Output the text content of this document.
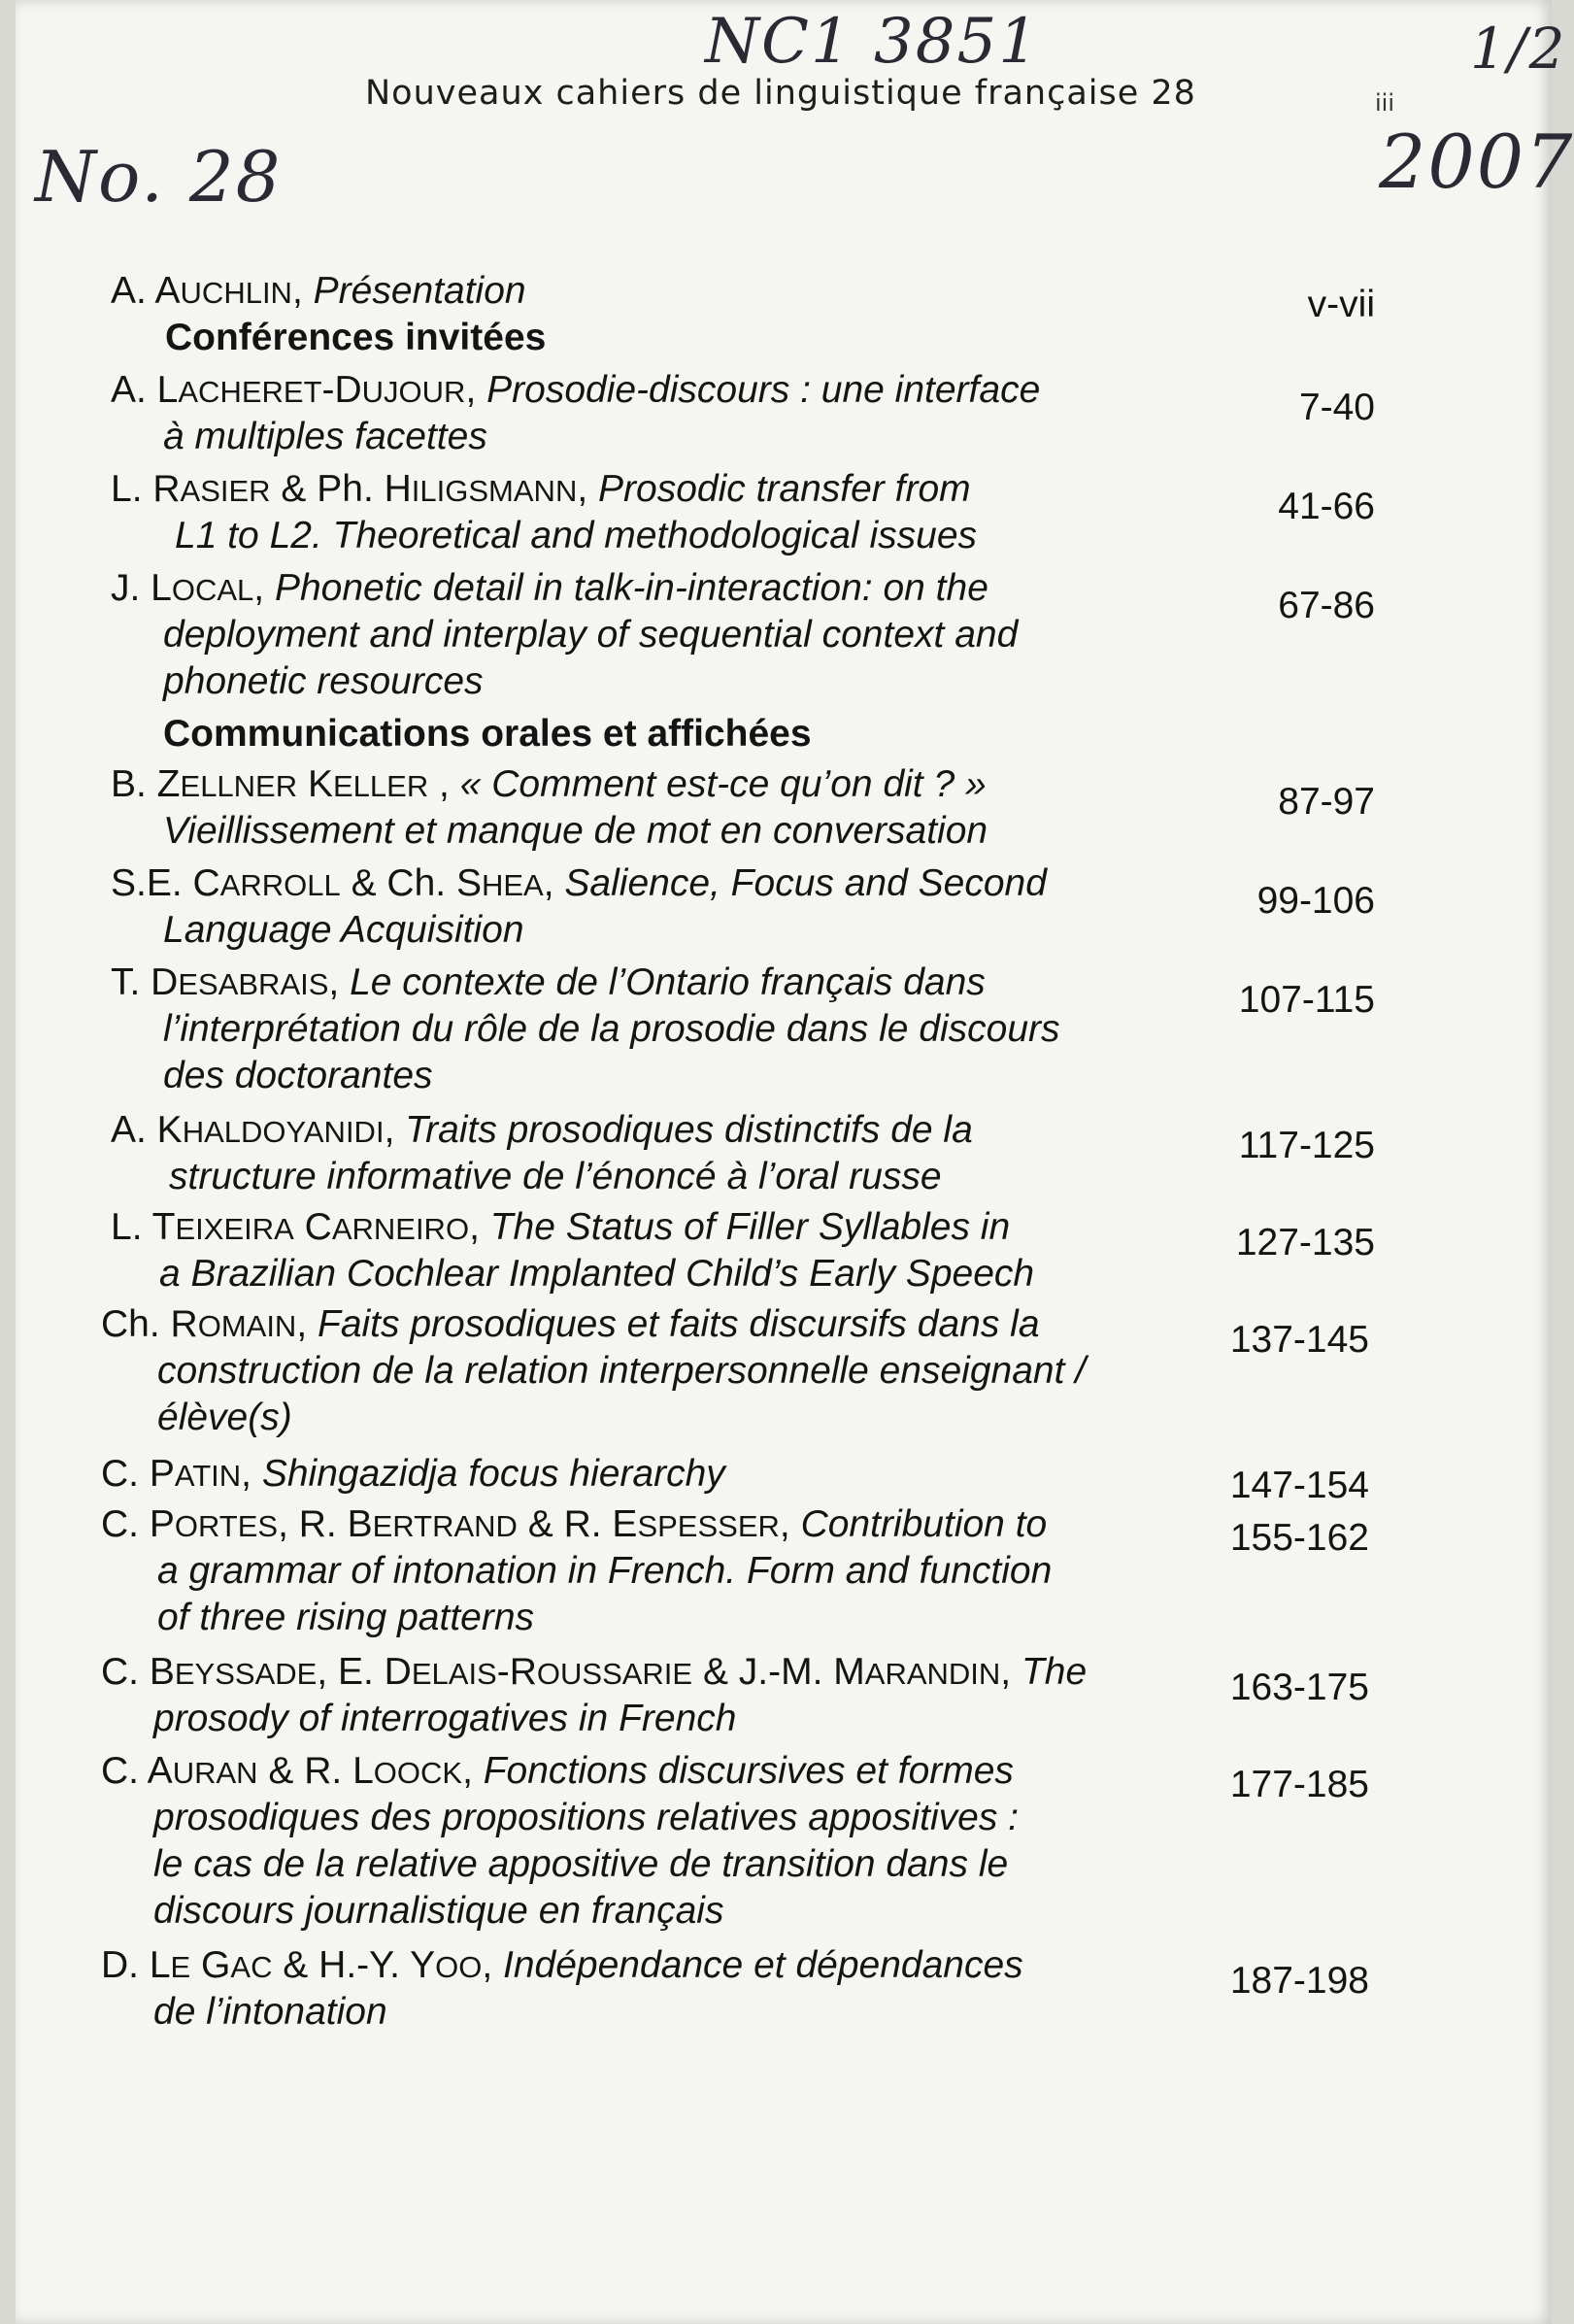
NC1 3851	1/2
No. 28	2007
Nouveaux cahiers de linguistique française 28	iii
A. AUCHLIN, Présentation	v-vii
Conférences invitées
Communications orales et affichées
A. LACHERET-DUJOUR, Prosodie-discours : une interface
à multiples facettes
7-40
L. RASIER & Ph. HILIGSMANN, Prosodic transfer from
L1 to L2. Theoretical and methodological issues
41-66
J. LOCAL, Phonetic detail in talk-in-interaction: on the
deployment and interplay of sequential context and
phonetic resources
67-86
B. ZELLNER KELLER , « Comment est-ce qu’on dit ? »
Vieillissement et manque de mot en conversation
87-97
S.E. CARROLL & Ch. SHEA, Salience, Focus and Second
Language Acquisition
99-106
T. DESABRAIS, Le contexte de l’Ontario français dans
l’interprétation du rôle de la prosodie dans le discours
des doctorantes
107-115
A. KHALDOYANIDI, Traits prosodiques distinctifs de la
structure informative de l’énoncé à l’oral russe
117-125
L. TEIXEIRA CARNEIRO, The Status of Filler Syllables in
a Brazilian Cochlear Implanted Child’s Early Speech
127-135
Ch. ROMAIN, Faits prosodiques et faits discursifs dans la
construction de la relation interpersonnelle enseignant /
élève(s)
137-145
C. PATIN, Shingazidja focus hierarchy	147-154
C. PORTES, R. BERTRAND & R. ESPESSER, Contribution to
a grammar of intonation in French. Form and function
of three rising patterns
155-162
C. BEYSSADE, E. DELAIS-ROUSSARIE & J.-M. MARANDIN, The
prosody of interrogatives in French
163-175
C. AURAN & R. LOOCK, Fonctions discursives et formes
prosodiques des propositions relatives appositives :
le cas de la relative appositive de transition dans le
discours journalistique en français
177-185
D. LE GAC & H.-Y. YOO, Indépendance et dépendances
de l’intonation
187-198
